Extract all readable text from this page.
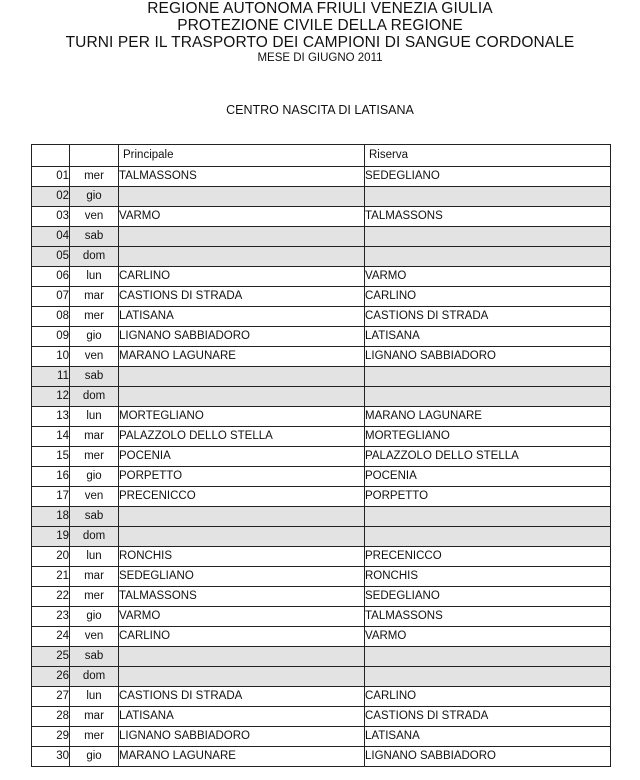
REGIONE AUTONOMA FRIULI VENEZIA GIULIA
PROTEZIONE CIVILE DELLA REGIONE
TURNI PER IL TRASPORTO DEI CAMPIONI DI SANGUE CORDONALE
MESE DI GIUGNO 2011
CENTRO NASCITA DI LATISANA
		Principale	Riserva
01	mer	TALMASSONS	SEDEGLIANO
02	gio		
03	ven	VARMO	TALMASSONS
04	sab		
05	dom		
06	lun	CARLINO	VARMO
07	mar	CASTIONS DI STRADA	CARLINO
08	mer	LATISANA	CASTIONS DI STRADA
09	gio	LIGNANO SABBIADORO	LATISANA
10	ven	MARANO LAGUNARE	LIGNANO SABBIADORO
11	sab		
12	dom		
13	lun	MORTEGLIANO	MARANO LAGUNARE
14	mar	PALAZZOLO DELLO STELLA	MORTEGLIANO
15	mer	POCENIA	PALAZZOLO DELLO STELLA
16	gio	PORPETTO	POCENIA
17	ven	PRECENICCO	PORPETTO
18	sab		
19	dom		
20	lun	RONCHIS	PRECENICCO
21	mar	SEDEGLIANO	RONCHIS
22	mer	TALMASSONS	SEDEGLIANO
23	gio	VARMO	TALMASSONS
24	ven	CARLINO	VARMO
25	sab		
26	dom		
27	lun	CASTIONS DI STRADA	CARLINO
28	mar	LATISANA	CASTIONS DI STRADA
29	mer	LIGNANO SABBIADORO	LATISANA
30	gio	MARANO LAGUNARE	LIGNANO SABBIADORO
